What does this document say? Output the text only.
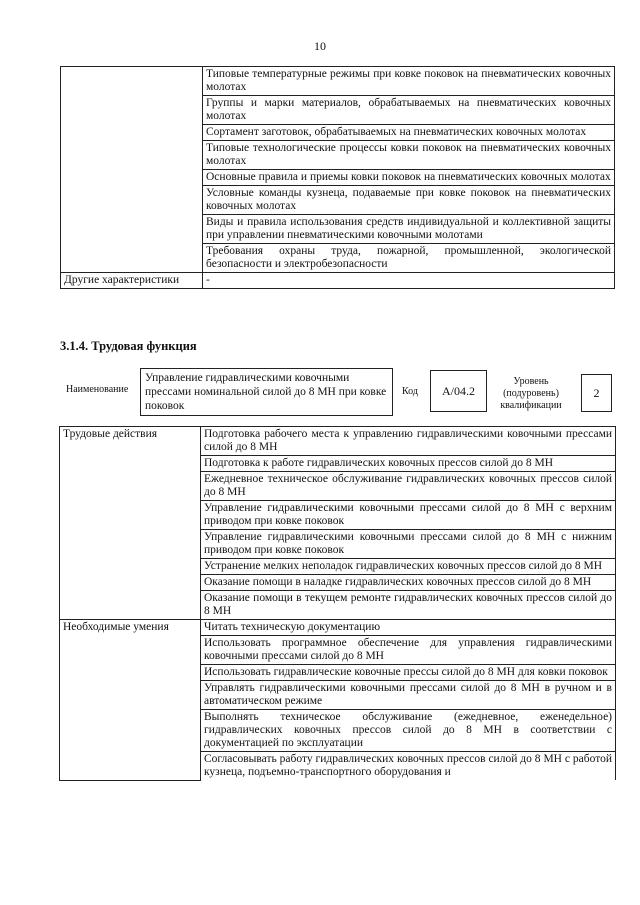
10
	Типовые температурные режимы при ковке поковок на пневматических ковочных молотах
	Группы и марки материалов, обрабатываемых на пневматических ковочных молотах
	Сортамент заготовок, обрабатываемых на пневматических ковочных молотах
	Типовые технологические процессы ковки поковок на пневматических ковочных молотах
	Основные правила и приемы ковки поковок на пневматических ковочных молотах
	Условные команды кузнеца, подаваемые при ковке поковок на пневматических ковочных молотах
	Виды и правила использования средств индивидуальной и коллективной защиты при управлении пневматическими ковочными молотами
	Требования охраны труда, пожарной, промышленной, экологической безопасности и электробезопасности
Другие характеристики	-
3.1.4. Трудовая функция
Наименование
Управление гидравлическими ковочными прессами номинальной силой до 8 МН при ковке поковок
Код	А/04.2
Уровень (подуровень) квалификации
2
Трудовые действия	Подготовка рабочего места к управлению гидравлическими ковочными прессами силой до 8 МН
	Подготовка к работе гидравлических ковочных прессов силой до 8 МН
	Ежедневное техническое обслуживание гидравлических ковочных прессов силой до 8 МН
	Управление гидравлическими ковочными прессами силой до 8 МН с верхним приводом при ковке поковок
	Управление гидравлическими ковочными прессами силой до 8 МН с нижним приводом при ковке поковок
	Устранение мелких неполадок гидравлических ковочных прессов силой до 8 МН
	Оказание помощи в наладке гидравлических ковочных прессов силой до 8 МН
	Оказание помощи в текущем ремонте гидравлических ковочных прессов силой до 8 МН
Необходимые умения	Читать техническую документацию
	Использовать программное обеспечение для управления гидравлическими ковочными прессами силой до 8 МН
	Использовать гидравлические ковочные прессы силой до 8 МН для ковки поковок
	Управлять гидравлическими ковочными прессами силой до 8 МН в ручном и в автоматическом режиме
	Выполнять техническое обслуживание (ежедневное, еженедельное) гидравлических ковочных прессов силой до 8 МН в соответствии с документацией по эксплуатации
	Согласовывать работу гидравлических ковочных прессов силой до 8 МН с работой кузнеца, подъемно-транспортного оборудования и
